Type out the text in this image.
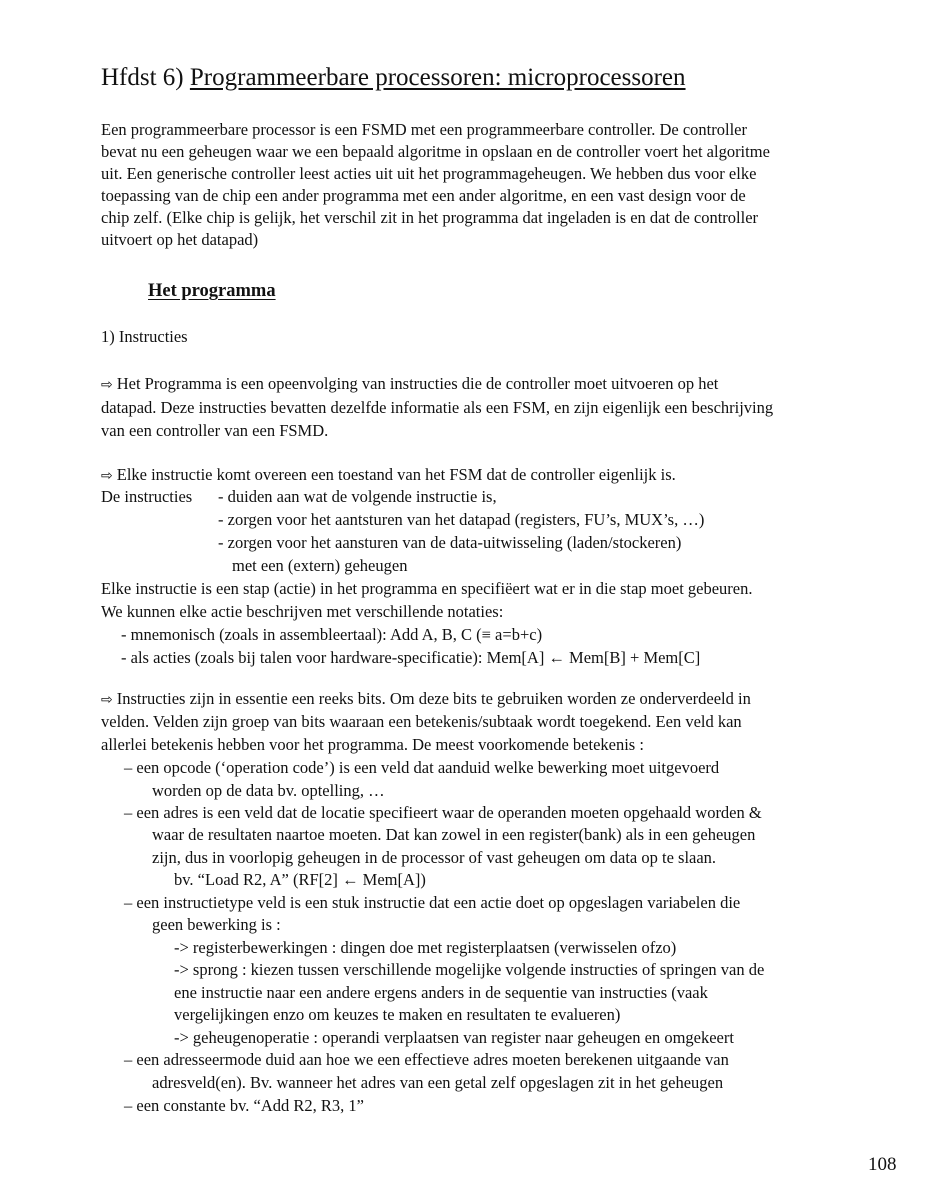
Hfdst 6) Programmeerbare processoren: microprocessoren
Een programmeerbare processor is een FSMD met een programmeerbare controller. De controller
bevat nu een geheugen waar we een bepaald algoritme in opslaan en de controller voert het algoritme
uit. Een generische controller leest acties uit uit het programmageheugen. We hebben dus voor elke
toepassing van de chip een ander programma met een ander algoritme, en een vast design voor de
chip zelf. (Elke chip is gelijk, het verschil zit in het programma dat ingeladen is en dat de controller
uitvoert op het datapad)
Het programma
1) Instructies
⇨ Het Programma is een opeenvolging van instructies die de controller moet uitvoeren op het
datapad. Deze instructies bevatten dezelfde informatie als een FSM, en zijn eigenlijk een beschrijving
van een controller van een FSMD.
⇨ Elke instructie komt overeen een toestand van het FSM dat de controller eigenlijk is.
De instructies - duiden aan wat de volgende instructie is,
- zorgen voor het aantsturen van het datapad (registers, FU’s, MUX’s, …)
- zorgen voor het aansturen van de data-uitwisseling (laden/stockeren)
met een (extern) geheugen
Elke instructie is een stap (actie) in het programma en specifiëert wat er in die stap moet gebeuren.
We kunnen elke actie beschrijven met verschillende notaties:
- mnemonisch (zoals in assembleertaal): Add A, B, C (≡ a=b+c)
- als acties (zoals bij talen voor hardware-specificatie): Mem[A] ← Mem[B] + Mem[C]
⇨ Instructies zijn in essentie een reeks bits. Om deze bits te gebruiken worden ze onderverdeeld in
velden. Velden zijn groep van bits waaraan een betekenis/subtaak wordt toegekend. Een veld kan
allerlei betekenis hebben voor het programma. De meest voorkomende betekenis :
– een opcode (‘operation code’) is een veld dat aanduid welke bewerking moet uitgevoerd
worden op de data bv. optelling, …
– een adres is een veld dat de locatie specifieert waar de operanden moeten opgehaald worden &
waar de resultaten naartoe moeten. Dat kan zowel in een register(bank) als in een geheugen
zijn, dus in voorlopig geheugen in de processor of vast geheugen om data op te slaan.
bv. “Load R2, A” (RF[2] ← Mem[A])
– een instructietype veld is een stuk instructie dat een actie doet op opgeslagen variabelen die
geen bewerking is :
-> registerbewerkingen : dingen doe met registerplaatsen (verwisselen ofzo)
-> sprong : kiezen tussen verschillende mogelijke volgende instructies of springen van de
ene instructie naar een andere ergens anders in de sequentie van instructies (vaak
vergelijkingen enzo om keuzes te maken en resultaten te evalueren)
-> geheugenoperatie : operandi verplaatsen van register naar geheugen en omgekeert
– een adresseermode duid aan hoe we een effectieve adres moeten berekenen uitgaande van
adresveld(en). Bv. wanneer het adres van een getal zelf opgeslagen zit in het geheugen
– een constante bv. “Add R2, R3, 1”
108
